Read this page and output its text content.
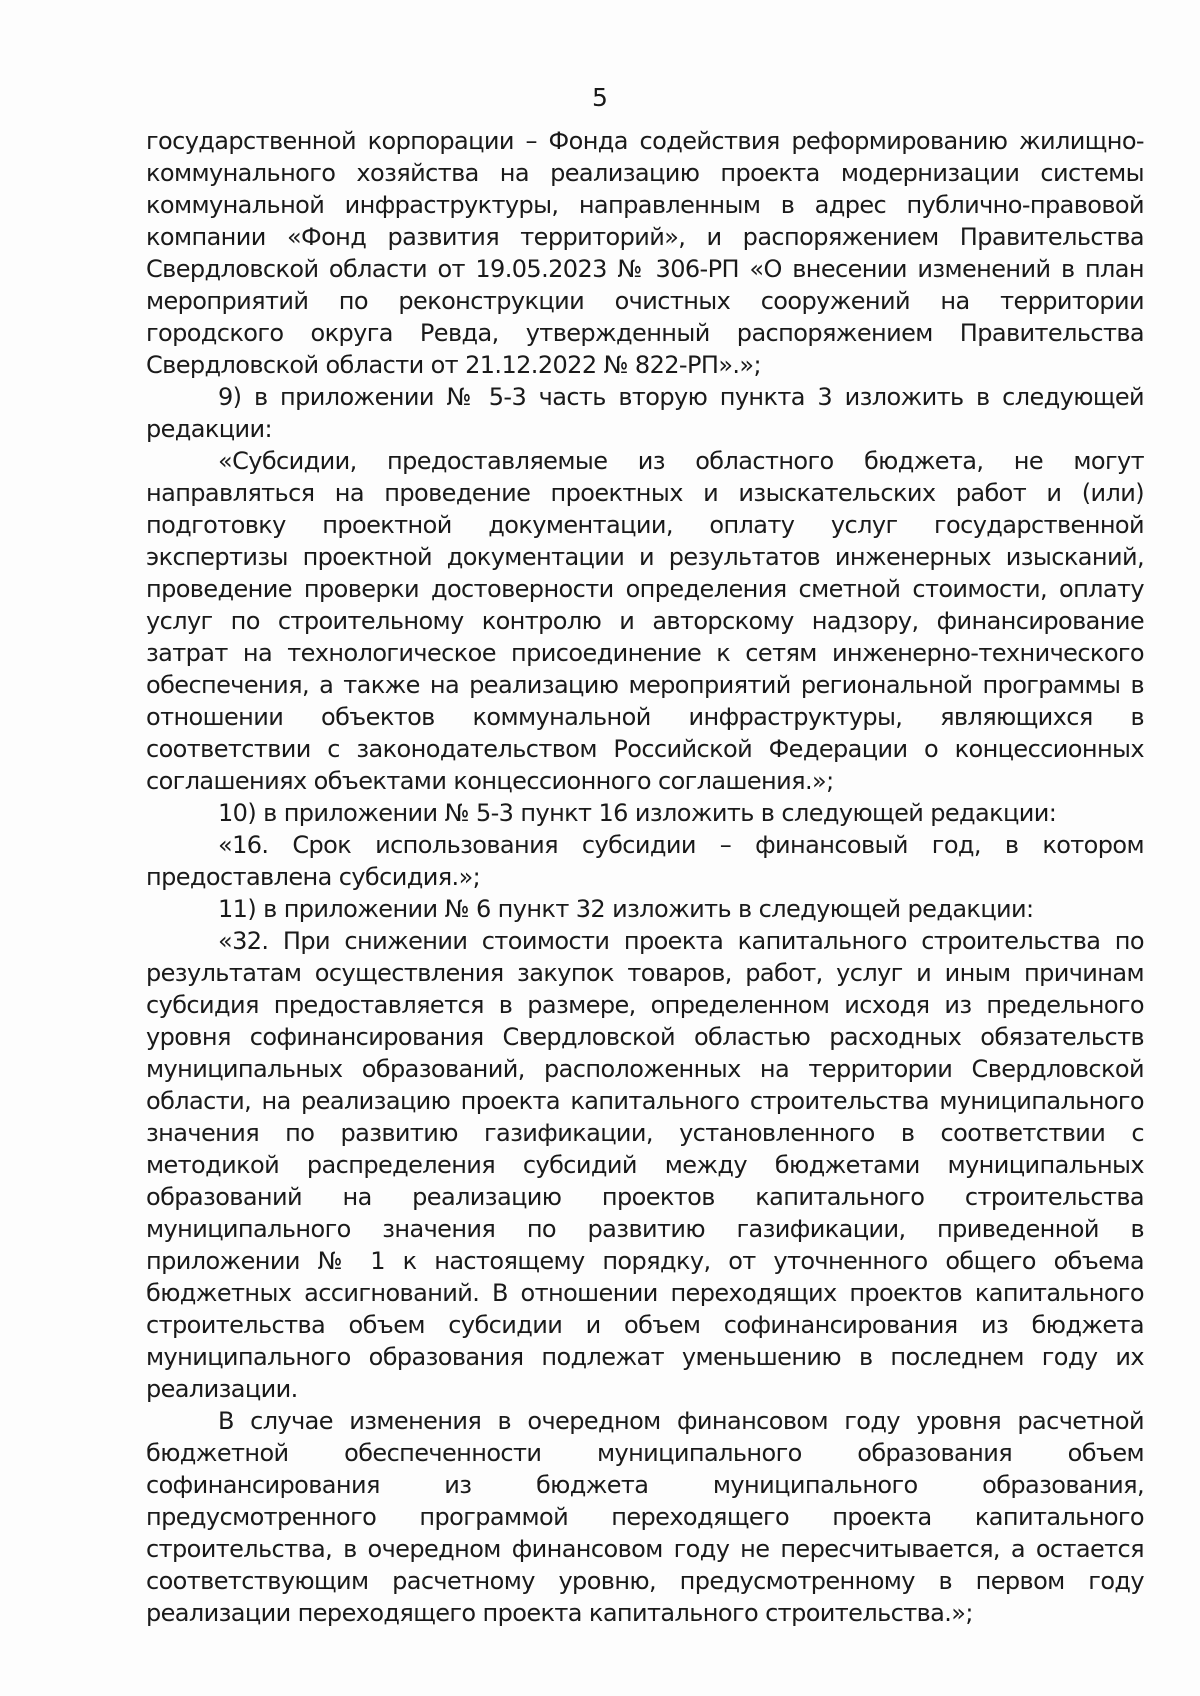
5

государственной корпорации – Фонда содействия реформированию жилищно-коммунального хозяйства на реализацию проекта модернизации системы коммунальной инфраструктуры, направленным в адрес публично-правовой компании «Фонд развития территорий», и распоряжением Правительства Свердловской области от 19.05.2023 № 306-РП «О внесении изменений в план мероприятий по реконструкции очистных сооружений на территории городского округа Ревда, утвержденный распоряжением Правительства Свердловской области от 21.12.2022 № 822-РП».»;

9) в приложении № 5-3 часть вторую пункта 3 изложить в следующей редакции:

«Субсидии, предоставляемые из областного бюджета, не могут направляться на проведение проектных и изыскательских работ и (или) подготовку проектной документации, оплату услуг государственной экспертизы проектной документации и результатов инженерных изысканий, проведение проверки достоверности определения сметной стоимости, оплату услуг по строительному контролю и авторскому надзору, финансирование затрат на технологическое присоединение к сетям инженерно-технического обеспечения, а также на реализацию мероприятий региональной программы в отношении объектов коммунальной инфраструктуры, являющихся в соответствии с законодательством Российской Федерации о концессионных соглашениях объектами концессионного соглашения.»;

10) в приложении № 5-3 пункт 16 изложить в следующей редакции:

«16. Срок использования субсидии – финансовый год, в котором предоставлена субсидия.»;

11) в приложении № 6 пункт 32 изложить в следующей редакции:

«32. При снижении стоимости проекта капитального строительства по результатам осуществления закупок товаров, работ, услуг и иным причинам субсидия предоставляется в размере, определенном исходя из предельного уровня софинансирования Свердловской областью расходных обязательств муниципальных образований, расположенных на территории Свердловской области, на реализацию проекта капитального строительства муниципального значения по развитию газификации, установленного в соответствии с методикой распределения субсидий между бюджетами муниципальных образований на реализацию проектов капитального строительства муниципального значения по развитию газификации, приведенной в приложении № 1 к настоящему порядку, от уточненного общего объема бюджетных ассигнований. В отношении переходящих проектов капитального строительства объем субсидии и объем софинансирования из бюджета муниципального образования подлежат уменьшению в последнем году их реализации.

В случае изменения в очередном финансовом году уровня расчетной бюджетной обеспеченности муниципального образования объем софинансирования из бюджета муниципального образования, предусмотренного программой переходящего проекта капитального строительства, в очередном финансовом году не пересчитывается, а остается соответствующим расчетному уровню, предусмотренному в первом году реализации переходящего проекта капитального строительства.»;
